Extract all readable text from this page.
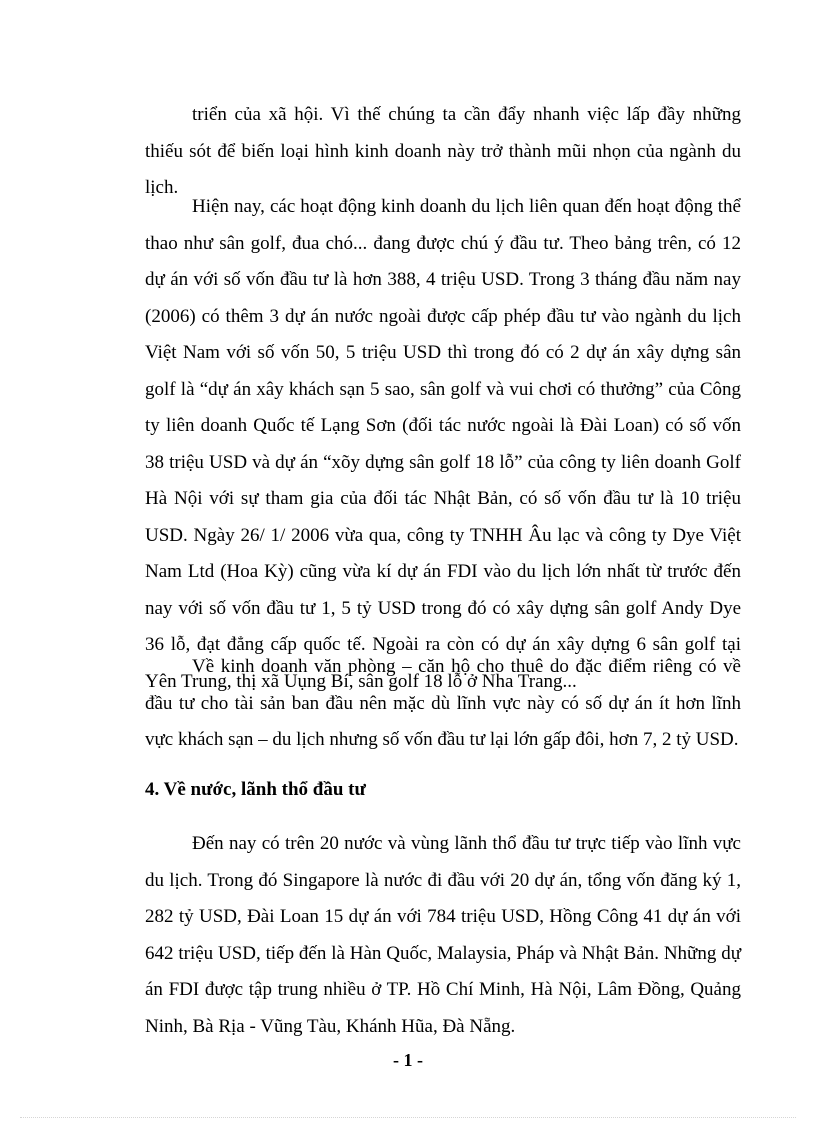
triển của xã hội. Vì thế chúng ta cần đẩy nhanh việc lấp đầy những thiếu sót để biến loại hình kinh doanh này trở thành mũi nhọn của ngành du lịch.

Hiện nay, các hoạt động kinh doanh du lịch liên quan đến hoạt động thể thao như sân golf, đua chó... đang được chú ý đầu tư. Theo bảng trên, có 12 dự án với số vốn đầu tư là hơn 388, 4 triệu USD. Trong 3 tháng đầu năm nay (2006) có thêm 3 dự án nước ngoài được cấp phép đầu tư vào ngành du lịch Việt Nam với số vốn 50, 5 triệu USD thì trong đó có 2 dự án xây dựng sân golf là “dự án xây khách sạn 5 sao, sân golf và vui chơi có thưởng” của Công ty liên doanh Quốc tế Lạng Sơn (đối tác nước ngoài là Đài Loan) có số vốn 38 triệu USD và dự án “xõy dựng sân golf 18 lỗ” của công ty liên doanh Golf Hà Nội với sự tham gia của đối tác Nhật Bản, có số vốn đầu tư là 10 triệu USD. Ngày 26/ 1/ 2006 vừa qua, công ty TNHH Âu lạc và công ty Dye Việt Nam Ltd (Hoa Kỳ) cũng vừa kí dự án FDI vào du lịch lớn nhất từ trước đến nay với số vốn đầu tư 1, 5 tỷ USD trong đó có xây dựng sân golf Andy Dye 36 lỗ, đạt đẳng cấp quốc tế. Ngoài ra còn có dự án xây dựng 6 sân golf tại Yên Trung, thị xã Uụng Bí, sân golf 18 lỗ ở Nha Trang...

Về kinh doanh văn phòng – căn hộ cho thuê do đặc điểm riêng có về đầu tư cho tài sản ban đầu nên mặc dù lĩnh vực này có số dự án ít hơn lĩnh vực khách sạn – du lịch nhưng số vốn đầu tư lại lớn gấp đôi, hơn 7, 2 tỷ USD.

4. Về nước, lãnh thổ đầu tư

Đến nay có trên 20 nước và vùng lãnh thổ đầu tư trực tiếp vào lĩnh vực du lịch. Trong đó Singapore là nước đi đầu với 20 dự án, tổng vốn đăng ký 1, 282 tỷ USD, Đài Loan 15 dự án với 784 triệu USD, Hồng Công 41 dự án với 642 triệu USD, tiếp đến là Hàn Quốc, Malaysia, Pháp và Nhật Bản. Những dự án FDI được tập trung nhiều ở TP. Hồ Chí Minh, Hà Nội, Lâm Đồng, Quảng Ninh, Bà Rịa - Vũng Tàu, Khánh Hũa, Đà Nẵng.

- 1 -
